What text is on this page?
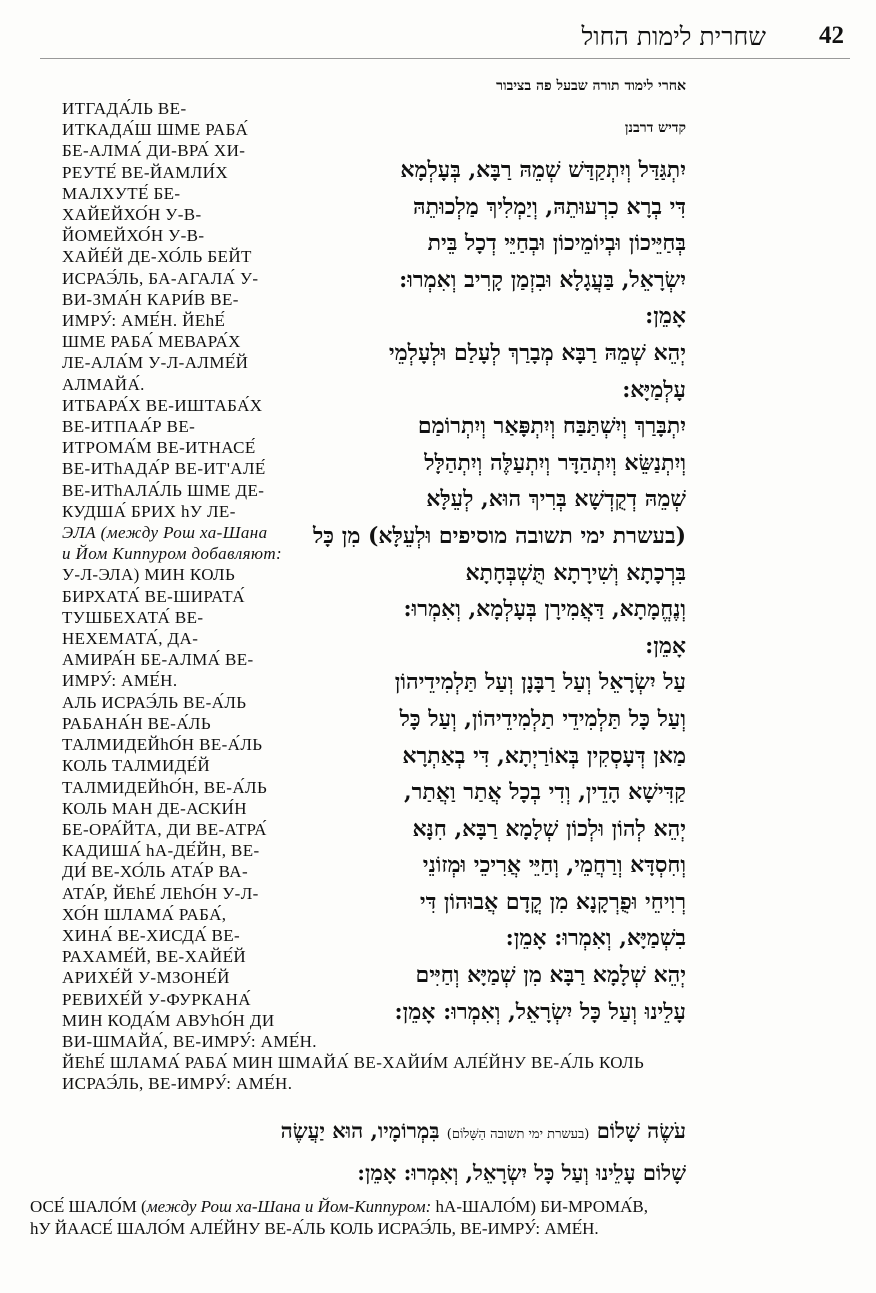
שחרית לימות החול 42
אחרי לימוד תורה שבעל פה בציבור
קדיש דרבנן
יִתְגַּדַּל וְיִתְקַדַּשׁ שְׁמֵהּ רַבָּא, בְּעָלְמָא
דִּי בְרָא כִרְעוּתֵהּ, וְיַמְלִיךְ מַלְכוּתֵהּ
בְּחַיֵּיכוֹן וּבְיוֹמֵיכוֹן וּבְחַיֵּי דְכָל בֵּית
יִשְׂרָאֵל, בַּעֲגָלָא וּבִזְמַן קָרִיב וְאִמְרוּ:
אָמֵן:
יְהֵא שְׁמֵהּ רַבָּא מְבָרַךְ לְעָלַם וּלְעָלְמֵי
עָלְמַיָּא:
יִתְבָּרַךְ וְיִשְׁתַּבַּח וְיִתְפָּאַר וְיִתְרוֹמַם
וְיִתְנַשֵּׂא וְיִתְהַדָּר וְיִתְעַלֶּה וְיִתְהַלָּל
שְׁמֵהּ דְקֻדְשָׁא בְּרִיךְ הוּא, לְעֵלָּא
(בעשרת ימי תשובה מוסיפים וּלְעֵלָּא) מִן כָּל
בִּרְכָתָא וְשִׁירָתָא תֻּשְׁבְּחָתָא
וְנֶחֱמָתָא, דַּאֲמִירָן בְּעָלְמָא, וְאִמְרוּ:
אָמֵן:
עַל יִשְׂרָאֵל וְעַל רַבָּנָן וְעַל תַּלְמִידֵיהוֹן
וְעַל כָּל תַּלְמִידֵי תַלְמִידֵיהוֹן, וְעַל כָּל
מַאן דְּעָסְקִין בְּאוֹרַיְתָא, דִּי בְאַתְרָא
קַדִּישָׁא הָדֵין, וְדִי בְכָל אֲתַר וַאֲתַר,
יְהֵא לְהוֹן וּלְכוֹן שְׁלָמָא רַבָּא, חִנָּא
וְחִסְדָּא וְרַחֲמֵי, וְחַיֵּי אֲרִיכֵי וּמְזוֹנֵי
רְוִיחֵי וּפֻרְקָנָא מִן קֳדָם אֲבוּהוֹן דִּי
בִשְׁמַיָּא, וְאִמְרוּ: אָמֵן:
יְהֵא שְׁלָמָא רַבָּא מִן שְׁמַיָּא וְחַיִּים
עָלֵינוּ וְעַל כָּל יִשְׂרָאֵל, וְאִמְרוּ: אָמֵן:
ИТГАДА́ЛЬ ВЕ-
ИТКАДА́Ш ШМЕ РАБА́
БЕ-АЛМА́ ДИ-ВРА́ ХИ-
РЕУТЕ́ ВЕ-ЙАМЛИ́Х
МАЛХУТЕ́ БЕ-
ХАЙЕЙХО́Н У-В-
ЙОМЕЙХО́Н У-В-
ХАЙЕ́Й ДЕ-ХО́ЛЬ БЕЙТ
ИСРАЭ́ЛЬ, БА-АГАЛА́ У-
ВИ-ЗМА́Н КАРИ́В ВЕ-
ИМРУ́: АМЕ́Н. ЙЕһЕ́
ШМЕ РАБА́ МЕВАРА́Х
ЛЕ-АЛА́М У-Л-АЛМЕ́Й
АЛМАЙА́.
ИТБАРА́Х ВЕ-ИШТАБА́Х
ВЕ-ИТПАА́Р ВЕ-
ИТРОМА́М ВЕ-ИТНАСЕ́
ВЕ-ИТһАДА́Р ВЕ-ИТ'АЛЕ́
ВЕ-ИТһАЛА́ЛЬ ШМЕ ДЕ-
КУДША́ БРИХ һУ ЛЕ-
ЭЛА (между Рош ха-Шана
и Йом Киппуром добавляют:
У-Л-ЭЛА) МИН КОЛЬ
БИРХАТА́ ВЕ-ШИРАТА́
ТУШБЕХАТА́ ВЕ-
НЕХЕМАТА́, ДА-
АМИРА́Н БЕ-АЛМА́ ВЕ-
ИМРУ́: АМЕ́Н.
АЛЬ ИСРАЭ́ЛЬ ВЕ-А́ЛЬ
РАБАНА́Н ВЕ-А́ЛЬ
ТАЛМИДЕЙһО́Н ВЕ-А́ЛЬ
КОЛЬ ТАЛМИДЕ́Й
ТАЛМИДЕЙһО́Н, ВЕ-А́ЛЬ
КОЛЬ МАН ДЕ-АСКИ́Н
БЕ-ОРА́ЙТА, ДИ ВЕ-АТРА́
КАДИША́ һА-ДЕ́ЙН, ВЕ-
ДИ́ ВЕ-ХО́ЛЬ АТА́Р ВА-
АТА́Р, ЙЕһЕ́ ЛЕһО́Н У-Л-
ХО́Н ШЛАМА́ РАБА́,
ХИНА́ ВЕ-ХИСДА́ ВЕ-
РАХАМЕ́Й, ВЕ-ХАЙЕ́Й
АРИХЕ́Й У-МЗОНЕ́Й
РЕВИХЕ́Й У-ФУРКАНА́
МИН КОДА́М АВУһО́Н ДИ
ВИ-ШМАЙА́, ВЕ-ИМРУ́: АМЕ́Н.
ЙЕһЕ́ ШЛАМА́ РАБА́ МИН ШМАЙА́ ВЕ-ХАЙИ́М АЛЕ́ЙНУ ВЕ-А́ЛЬ КОЛЬ
ИСРАЭ́ЛЬ, ВЕ-ИМРУ́: АМЕ́Н.
עֹשֶׂה שָׁלוֹם (בעשרת ימי תשובה הַשָּׁלוֹם) בִּמְרוֹמָיו, הוּא יַעֲשֶׂה
שָׁלוֹם עָלֵינוּ וְעַל כָּל יִשְׂרָאֵל, וְאִמְרוּ: אָמֵן:
ОСЕ́ ШАЛО́М (между Рош ха-Шана и Йом-Киппуром: һА-ШАЛО́М) БИ-МРОМА́В,
һУ ЙААСЕ́ ШАЛО́М АЛЕ́ЙНУ ВЕ-А́ЛЬ КОЛЬ ИСРАЭ́ЛЬ, ВЕ-ИМРУ́: АМЕ́Н.
